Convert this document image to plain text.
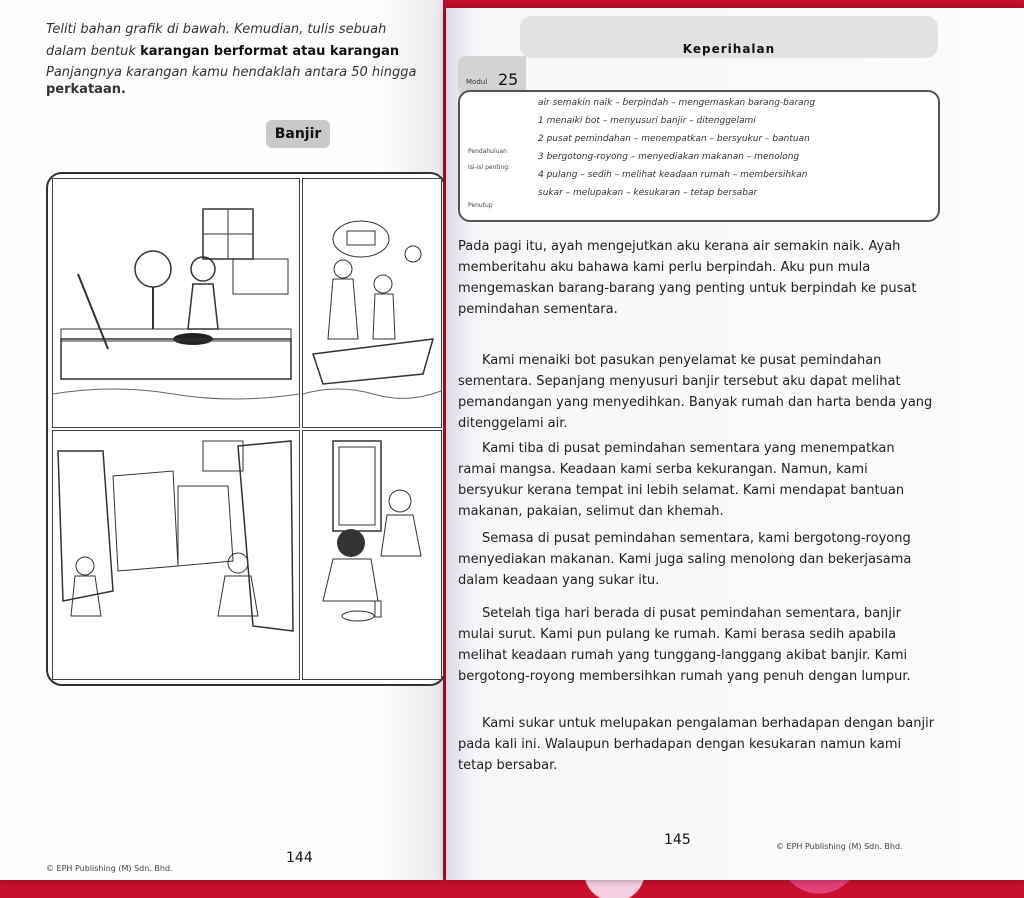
Teliti bahan grafik di bawah. Kemudian, tulis sebuah
dalam bentuk karangan berformat atau karangan
Panjangnya karangan kamu hendaklah antara 50 hingga
perkataan.
Banjir
© EPH Publishing (M) Sdn. Bhd.
144
Keperihalan
Modul 25
Pendahuluan
Isi-isi penting:
Penutup
air semakin naik – berpindah – mengemaskan barang-barang
1 menaiki bot – menyusuri banjir – ditenggelami
2 pusat pemindahan – menempatkan – bersyukur – bantuan
3 bergotong-royong – menyediakan makanan – menolong
4 pulang – sedih – melihat keadaan rumah – membersihkan
sukar – melupakan – kesukaran – tetap bersabar

Pada pagi itu, ayah mengejutkan aku kerana air semakin naik. Ayah memberitahu aku bahawa kami perlu berpindah. Aku pun mula mengemaskan barang-barang yang penting untuk berpindah ke pusat pemindahan sementara.

Kami menaiki bot pasukan penyelamat ke pusat pemindahan sementara. Sepanjang menyusuri banjir tersebut aku dapat melihat pemandangan yang menyedihkan. Banyak rumah dan harta benda yang ditenggelami air.

Kami tiba di pusat pemindahan sementara yang menempatkan ramai mangsa. Keadaan kami serba kekurangan. Namun, kami bersyukur kerana tempat ini lebih selamat. Kami mendapat bantuan makanan, pakaian, selimut dan khemah.

Semasa di pusat pemindahan sementara, kami bergotong-royong menyediakan makanan. Kami juga saling menolong dan bekerjasama dalam keadaan yang sukar itu.

Setelah tiga hari berada di pusat pemindahan sementara, banjir mulai surut. Kami pun pulang ke rumah. Kami berasa sedih apabila melihat keadaan rumah yang tunggang-langgang akibat banjir. Kami bergotong-royong membersihkan rumah yang penuh dengan lumpur.

Kami sukar untuk melupakan pengalaman berhadapan dengan banjir pada kali ini. Walaupun berhadapan dengan kesukaran namun kami tetap bersabar.

145	© EPH Publishing (M) Sdn. Bhd.
